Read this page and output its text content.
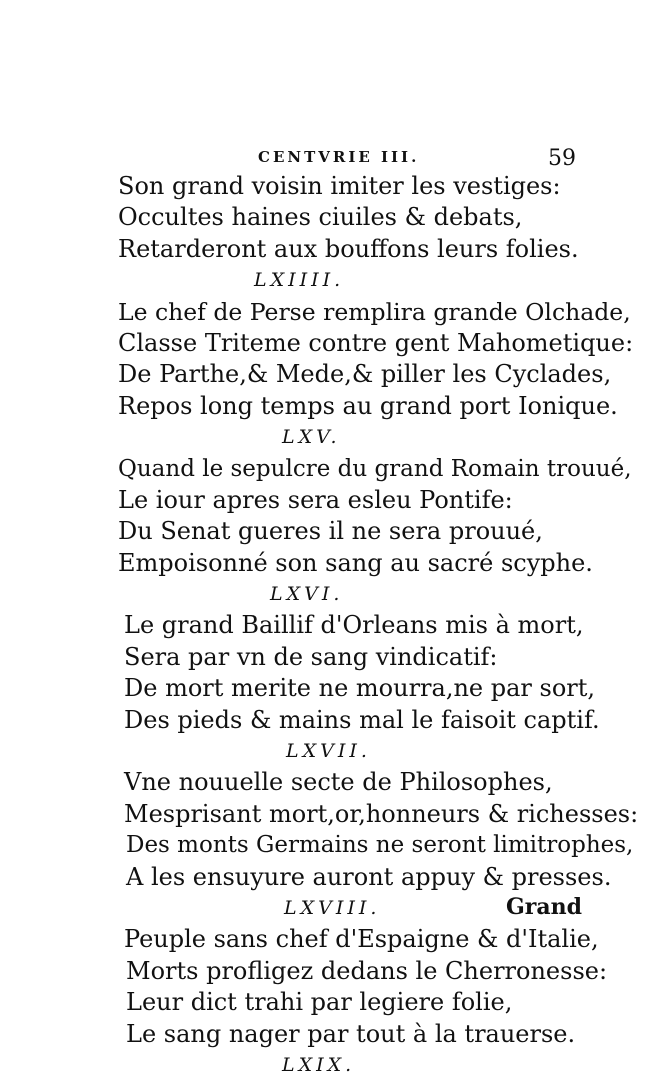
CENTVRIE III.	59
Son grand voisin imiter les vestiges:
Occultes haines ciuiles & debats,
Retarderont aux bouffons leurs folies.
LXIIII.
Le chef de Perse remplira grande Olchade,
Classe Triteme contre gent Mahometique:
De Parthe,& Mede,& piller les Cyclades,
Repos long temps au grand port Ionique.
LXV.
Quand le sepulcre du grand Romain trouué,
Le iour apres sera esleu Pontife:
Du Senat gueres il ne sera prouué,
Empoisonné son sang au sacré scyphe.
LXVI.
Le grand Baillif d'Orleans mis à mort,
Sera par vn de sang vindicatif:
De mort merite ne mourra,ne par sort,
Des pieds & mains mal le faisoit captif.
LXVII.
Vne nouuelle secte de Philosophes,
Mesprisant mort,or,honneurs & richesses:
Des monts Germains ne seront limitrophes,
A les ensuyure auront appuy & presses.
LXVIII.
Peuple sans chef d'Espaigne & d'Italie,
Morts profligez dedans le Cherronesse:
Leur dict trahi par legiere folie,
Le sang nager par tout à la trauerse.
LXIX.
Grand
